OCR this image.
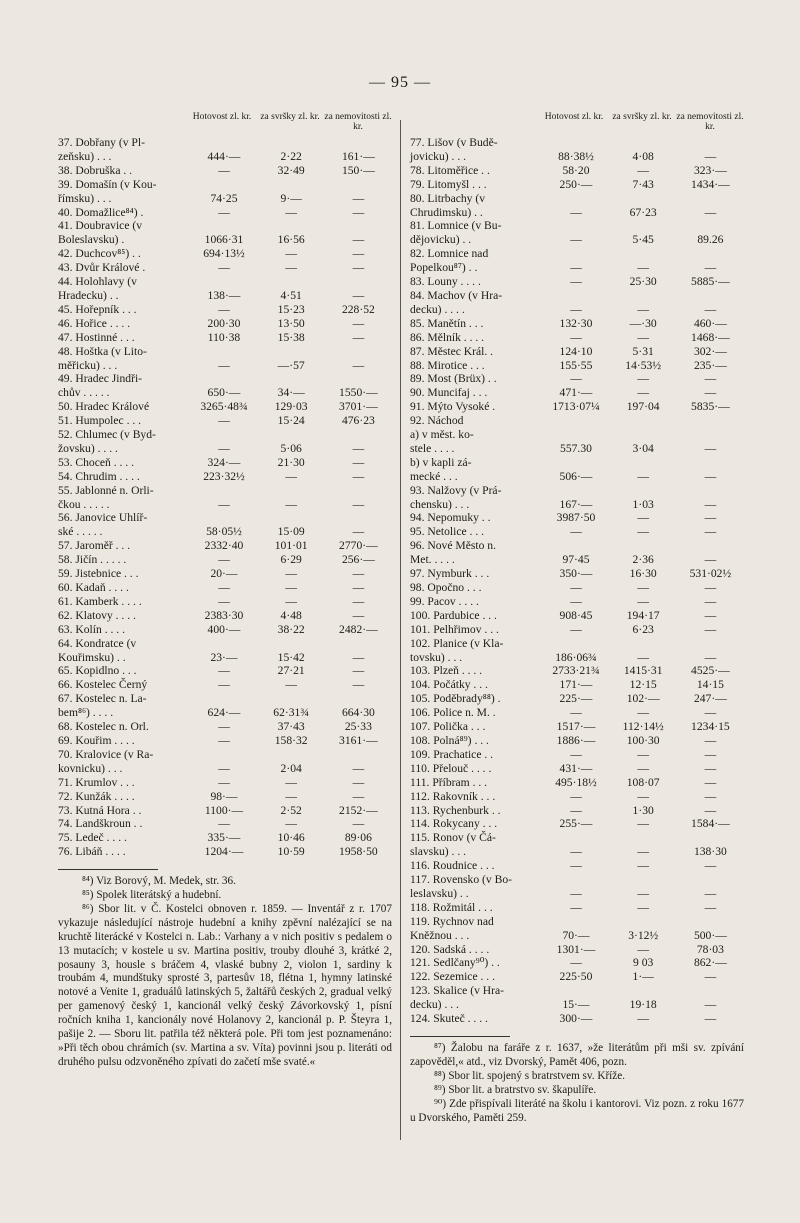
— 95 —
Hotovost zl. kr. za svršky zl. kr. za nemovitosti zl. kr.
37. Dobřany (v Pl-			
zeňsku) . . .	444·—	2·22	161·—
38. Dobruška . .	—	32·49	150·—
39. Domašín (v Kou-			
římsku) . . .	74·25	9·—	—
40. Domažlice⁸⁴) .	—	—	—
41. Doubravice (v			
Boleslavsku) .	1066·31	16·56	—
42. Duchcov⁸⁵) . .	694·13½	—	—
43. Dvůr Králové .	—	—	—
44. Holohlavy (v			
Hradecku) . .	138·—	4·51	—
45. Hořepník . . .	—	15·23	228·52
46. Hořice . . . .	200·30	13·50	—
47. Hostinné . . .	110·38	15·38	—
48. Hoštka (v Lito-			
měřicku) . . .	—	—·57	—
49. Hradec Jindři-			
chův . . . . .	650·—	34·—	1550·—
50. Hradec Králové	3265·48¾	129·03	3701·—
51. Humpolec . . .	—	15·24	476·23
52. Chlumec (v Byd-			
žovsku) . . . .	—	5·06	—
53. Choceň . . . .	324·—	21·30	—
54. Chrudim . . . .	223·32½	—	—
55. Jablonné n. Orli-			
čkou . . . . .	—	—	—
56. Janovice Uhlíř-			
ské . . . . .	58·05½	15·09	—
57. Jaroměř . . .	2332·40	101·01	2770·—
58. Jičín . . . . .	—	6·29	256·—
59. Jistebnice . . .	20·—	—	—
60. Kadaň . . . .	—	—	—
61. Kamberk . . . .	—	—	—
62. Klatovy . . . .	2383·30	4·48	—
63. Kolín . . . .	400·—	38·22	2482·—
64. Kondratce (v			
Kouřimsku) . .	23·—	15·42	—
65. Kopidlno . . .	—	27·21	—
66. Kostelec Černý	—	—	—
67. Kostelec n. La-			
bem⁸⁶) . . . .	624·—	62·31¾	664·30
68. Kostelec n. Orl.	—	37·43	25·33
69. Kouřim . . . .	—	158·32	3161·—
70. Kralovice (v Ra-			
kovnicku) . . .	—	2·04	—
71. Krumlov . . .	—	—	—
72. Kunžák . . . .	98·—	—	—
73. Kutná Hora . .	1100·—	2·52	2152·—
74. Landškroun . .	—	—	—
75. Ledeč . . . .	335·—	10·46	89·06
76. Libáň . . . .	1204·—	10·59	1958·50

⁸⁴) Viz Borový, M. Medek, str. 36.

⁸⁵) Spolek literátský a hudební.

⁸⁶) Sbor lit. v Č. Kostelci obnoven r. 1859. — Inventář z r. 1707 vykazuje následující nástroje hudební a knihy zpěvní nalézající se na kruchtě literácké v Kostelci n. Lab.: Varhany a v nich positiv s pedalem o 13 mutacích; v kostele u sv. Martina positiv, trouby dlouhé 3, krátké 2, posauny 3, housle s bráčem 4, vlaské bubny 2, violon 1, sardiny k troubám 4, mundštuky sprosté 3, partesův 18, flétna 1, hymny latinské notové a Venite 1, graduálů latinských 5, žaltářů českých 2, gradual velký per gamenový český 1, kancionál velký český Závorkovský 1, písní ročních kniha 1, kancionály nové Holanovy 2, kancionál p. P. Šteyra 1, pašije 2. — Sboru lit. patřila též některá pole. Při tom jest poznamenáno: »Při těch obou chrámích (sv. Martina a sv. Víta) povinni jsou p. literáti od druhého pulsu odzvoněného zpívati do začetí mše svaté.«

Hotovost zl. kr. za svršky zl. kr. za nemovitosti zl. kr.
77. Lišov (v Budě-			
jovicku) . . .	88·38½	4·08	—
78. Litoměřice . .	58·20	—	323·—
79. Litomyšl . . .	250·—	7·43	1434·—
80. Litrbachy (v			
Chrudimsku) . .	—	67·23	—
81. Lomnice (v Bu-			
dějovicku) . .	—	5·45	89.26
82. Lomnice nad			
Popelkou⁸⁷) . .	—	—	—
83. Louny . . . .	—	25·30	5885·—
84. Machov (v Hra-			
decku) . . . .	—	—	—
85. Manětín . . .	132·30	—·30	460·—
86. Mělník . . . .	—	—	1468·—
87. Městec Král. .	124·10	5·31	302·—
88. Mirotice . . .	155·55	14·53½	235·—
89. Most (Brüx) . .	—	—	—
90. Muncifaj . . .	471·—	—	—
91. Mýto Vysoké .	1713·07¼	197·04	5835·—
92. Náchod			
a) v měst. ko-			
stele . . . .	557.30	3·04	—
b) v kapli zá-			
mecké . . .	506·—	—	—
93. Nalžovy (v Prá-			
chensku) . . .	167·—	1·03	—
94. Nepomuky . .	3987·50	—	—
95. Netolice . . .	—	—	—
96. Nové Město n.			
Met. . . . .	97·45	2·36	—
97. Nymburk . . .	350·—	16·30	531·02½
98. Opočno . . .	—	—	—
99. Pacov . . . .	—	—	—
100. Pardubice . . .	908·45	194·17	—
101. Pelhřimov . . .	—	6·23	—
102. Planice (v Kla-			
tovsku) . . .	186·06¾	—	—
103. Plzeň . . . .	2733·21¾	1415·31	4525·—
104. Počátky . . .	171·—	12·15	14·15
105. Poděbrady⁸⁸) .	225·—	102·—	247·—
106. Police n. M. .	—	—	—
107. Polička . . .	1517·—	112·14½	1234·15
108. Polná⁸⁹) . . .	1886·—	100·30	—
109. Prachatice . .	—	—	—
110. Přelouč . . . .	431·—	—	—
111. Příbram . . .	495·18½	108·07	—
112. Rakovník . . .	—	—	—
113. Rychenburk . .	—	1·30	—
114. Rokycany . . .	255·—	—	1584·—
115. Ronov (v Čá-			
slavsku) . . .	—	—	138·30
116. Roudnice . . .	—	—	—
117. Rovensko (v Bo-			
leslavsku) . .	—	—	—
118. Rožmitál . . .	—	—	—
119. Rychnov nad			
Kněžnou . . .	70·—	3·12½	500·—
120. Sadská . . . .	1301·—	—	78·03
121. Sedlčany⁹⁰) . .	—	9 03	862·—
122. Sezemice . . .	225·50	1·—	—
123. Skalice (v Hra-			
decku) . . .	15·—	19·18	—
124. Skuteč . . . .	300·—	—	—

⁸⁷) Žalobu na faráře z r. 1637, »že literátům při mši sv. zpívání zapověděl,« atd., viz Dvorský, Pamět 406, pozn.

⁸⁸) Sbor lit. spojený s bratrstvem sv. Kříže.

⁸⁹) Sbor lit. a bratrstvo sv. škapulíře.

⁹⁰) Zde přispívali literáté na školu i kantorovi. Viz pozn. z roku 1677 u Dvorského, Paměti 259.
